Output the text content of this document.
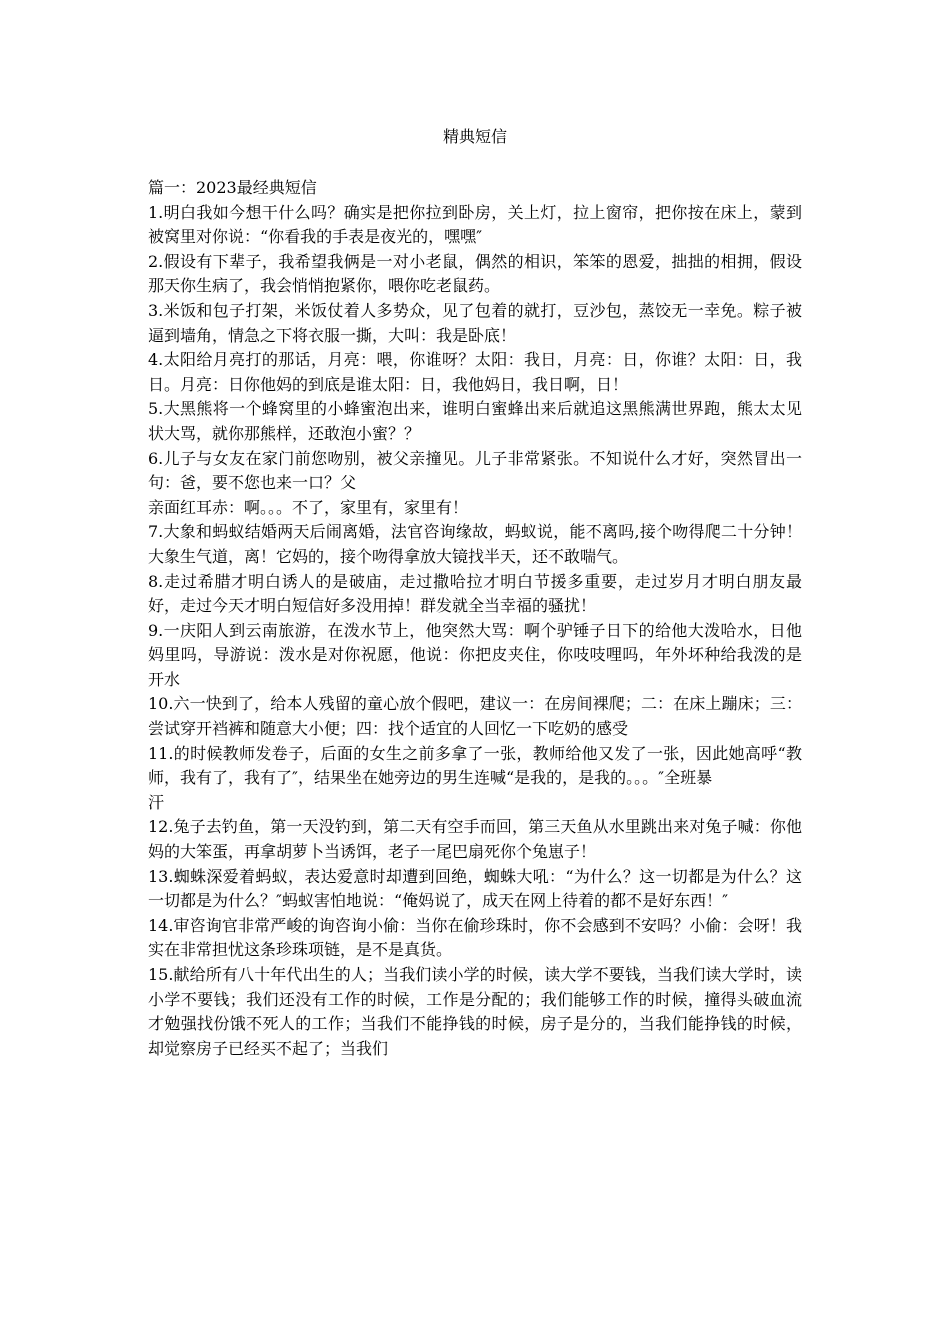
精典短信

篇一：2023最经典短信

1.明白我如今想干什么吗？确实是把你拉到卧房，关上灯，拉上窗帘，把你按在床上，蒙到被窝里对你说：“你看我的手表是夜光的，嘿嘿″

2.假设有下辈子，我希望我俩是一对小老鼠，偶然的相识，笨笨的恩爱，拙拙的相拥，假设那天你生病了，我会悄悄抱紧你，喂你吃老鼠药。

3.米饭和包子打架，米饭仗着人多势众，见了包着的就打，豆沙包，蒸饺无一幸免。粽子被逼到墙角，情急之下将衣服一撕，大叫：我是卧底！

4.太阳给月亮打的那话，月亮：喂，你谁呀？太阳：我日，月亮：日，你谁？太阳：日，我日。月亮：日你他妈的到底是谁太阳：日，我他妈日，我日啊，日！

5.大黑熊将一个蜂窝里的小蜂蜜泡出来，谁明白蜜蜂出来后就追这黑熊满世界跑，熊太太见状大骂，就你那熊样，还敢泡小蜜？？

6.儿子与女友在家门前您吻别，被父亲撞见。儿子非常紧张。不知说什么才好，突然冒出一句：爸，要不您也来一口？父

亲面红耳赤：啊。。。不了，家里有，家里有！

7.大象和蚂蚁结婚两天后闹离婚，法官咨询缘故，蚂蚁说，能不离吗,接个吻得爬二十分钟！大象生气道，离！它妈的，接个吻得拿放大镜找半天，还不敢喘气。

8.走过希腊才明白诱人的是破庙，走过撒哈拉才明白节援多重要，走过岁月才明白朋友最好，走过今天才明白短信好多没用掉！群发就全当幸福的骚扰！

9.一庆阳人到云南旅游，在泼水节上，他突然大骂：啊个驴锤子日下的给他大泼哈水，日他妈里吗，导游说：泼水是对你祝愿，他说：你把皮夹住，你吱吱哩吗，年外坏种给我泼的是开水

10.六一快到了，给本人残留的童心放个假吧，建议一：在房间裸爬；二：在床上蹦床；三：尝试穿开裆裤和随意大小便；四：找个适宜的人回忆一下吃奶的感受

11.的时候教师发卷子，后面的女生之前多拿了一张，教师给他又发了一张，因此她高呼“教师，我有了，我有了″，结果坐在她旁边的男生连喊“是我的，是我的。。。″全班暴

汗

12.兔子去钓鱼，第一天没钓到，第二天有空手而回，第三天鱼从水里跳出来对兔子喊：你他妈的大笨蛋，再拿胡萝卜当诱饵，老子一尾巴扇死你个兔崽子！

13.蜘蛛深爱着蚂蚁，表达爱意时却遭到回绝，蜘蛛大吼：“为什么？这一切都是为什么？这一切都是为什么？″蚂蚁害怕地说：“俺妈说了，成天在网上待着的都不是好东西！″

14.审咨询官非常严峻的询咨询小偷：当你在偷珍珠时，你不会感到不安吗？小偷：会呀！我实在非常担忧这条珍珠项链，是不是真货。

15.献给所有八十年代出生的人；当我们读小学的时候，读大学不要钱，当我们读大学时，读小学不要钱；我们还没有工作的时候，工作是分配的；我们能够工作的时候，撞得头破血流才勉强找份饿不死人的工作；当我们不能挣钱的时候，房子是分的，当我们能挣钱的时候，却觉察房子已经买不起了；当我们
